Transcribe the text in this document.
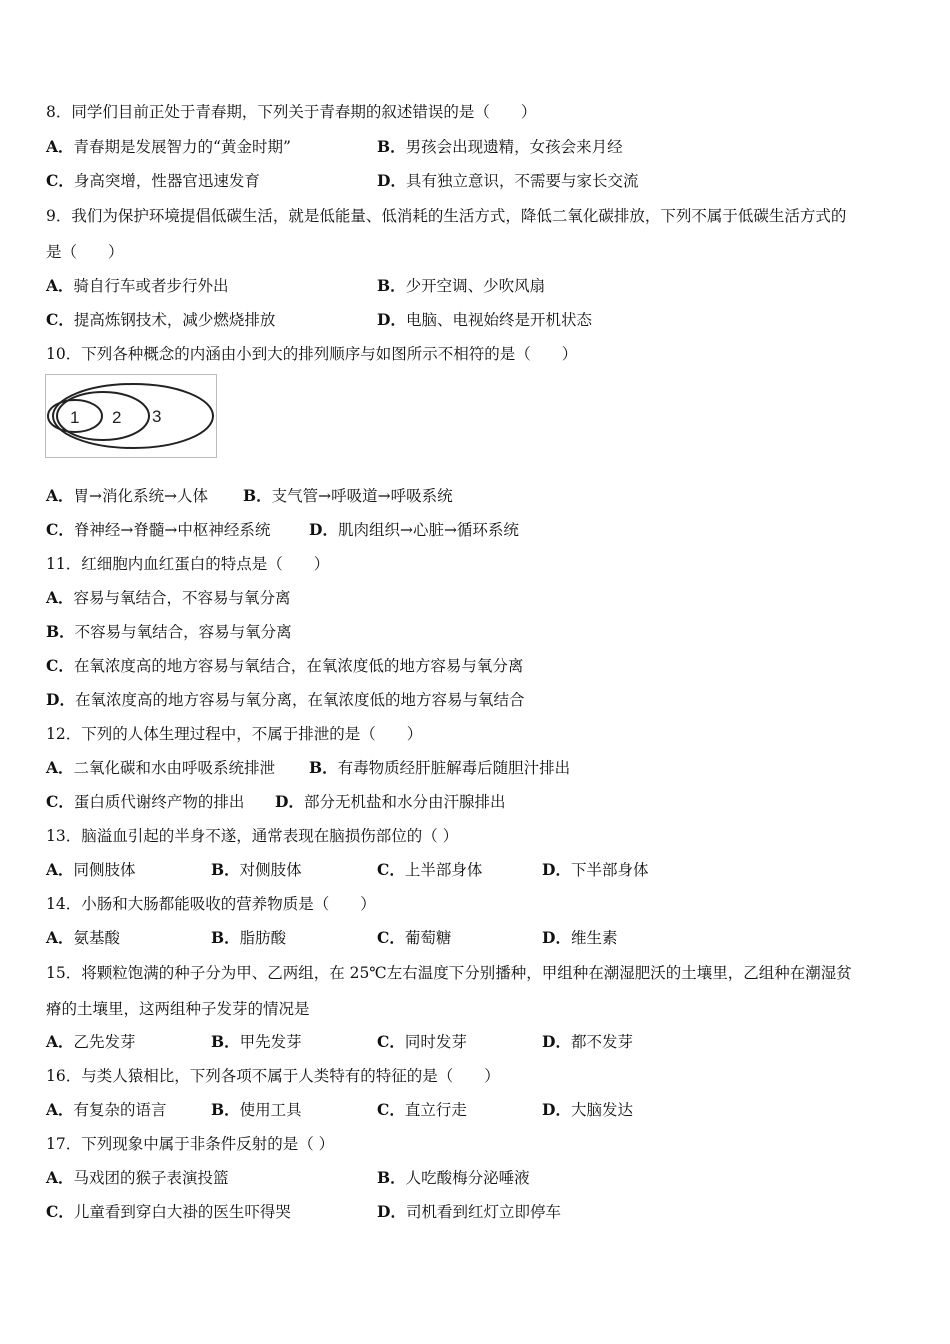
8．同学们目前正处于青春期，下列关于青春期的叙述错误的是（　　）
A．青春期是发展智力的“黄金时期”	B．男孩会出现遗精，女孩会来月经
C．身高突增，性器官迅速发育	D．具有独立意识，不需要与家长交流
9．我们为保护环境提倡低碳生活，就是低能量、低消耗的生活方式，降低二氧化碳排放，下列不属于低碳生活方式的
是（　　）
A．骑自行车或者步行外出	B．少开空调、少吹风扇
C．提高炼钢技术，减少燃烧排放	D．电脑、电视始终是开机状态
10．下列各种概念的内涵由小到大的排列顺序与如图所示不相符的是（　　）
1 2 3
A．胃→消化系统→人体 B．支气管→呼吸道→呼吸系统
C．脊神经→脊髓→中枢神经系统 D．肌肉组织→心脏→循环系统
11．红细胞内血红蛋白的特点是（　　）
A．容易与氧结合，不容易与氧分离
B．不容易与氧结合，容易与氧分离
C．在氧浓度高的地方容易与氧结合，在氧浓度低的地方容易与氧分离
D．在氧浓度高的地方容易与氧分离，在氧浓度低的地方容易与氧结合
12．下列的人体生理过程中，不属于排泄的是（　　）
A．二氧化碳和水由呼吸系统排泄 B．有毒物质经肝脏解毒后随胆汁排出
C．蛋白质代谢终产物的排出 D．部分无机盐和水分由汗腺排出
13．脑溢血引起的半身不遂，通常表现在脑损伤部位的（ ）
A．同侧肢体	B．对侧肢体	C．上半部身体	D．下半部身体
14．小肠和大肠都能吸收的营养物质是（　　）
A．氨基酸	B．脂肪酸	C．葡萄糖	D．维生素
15．将颗粒饱满的种子分为甲、乙两组，在 25℃左右温度下分别播种，甲组种在潮湿肥沃的土壤里，乙组种在潮湿贫
瘠的土壤里，这两组种子发芽的情况是
A．乙先发芽	B．甲先发芽	C．同时发芽	D．都不发芽
16．与类人猿相比，下列各项不属于人类特有的特征的是（　　）
A．有复杂的语言	B．使用工具	C．直立行走	D．大脑发达
17．下列现象中属于非条件反射的是（ ）
A．马戏团的猴子表演投篮	B．人吃酸梅分泌唾液
C．儿童看到穿白大褂的医生吓得哭	D．司机看到红灯立即停车
